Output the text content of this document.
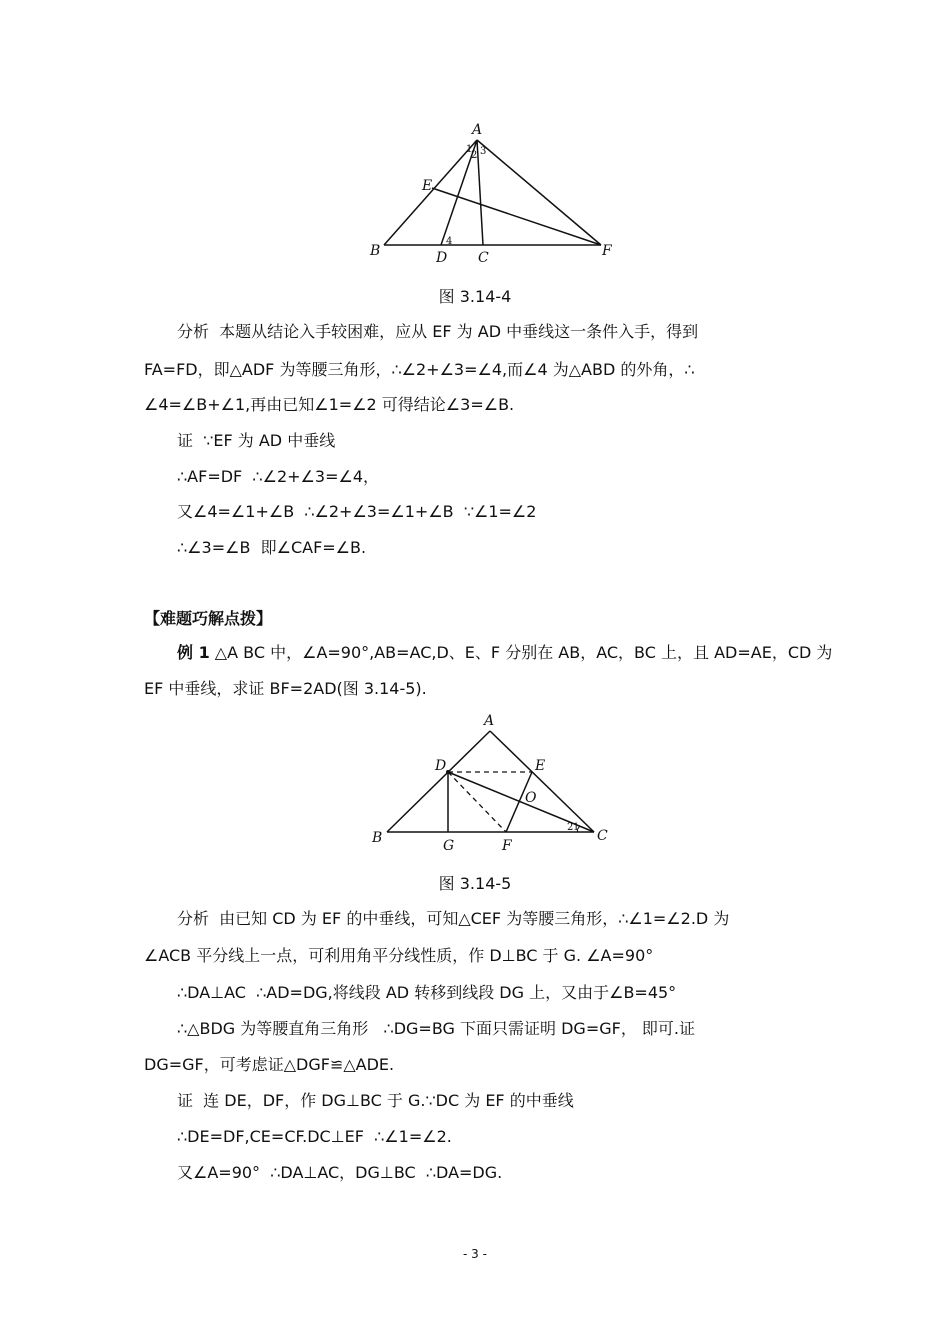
A
B	C
D
E
F
1
2 3
4
图 3.14-4
分析  本题从结论入手较困难，应从 EF 为 AD 中垂线这一条件入手，得到
FA=FD，即△ADF 为等腰三角形，∴∠2+∠3=∠4,而∠4 为△ABD 的外角，∴
∠4=∠B+∠1,再由已知∠1=∠2 可得结论∠3=∠B.
证  ∵EF 为 AD 中垂线
∴AF=DF  ∴∠2+∠3=∠4，
又∠4=∠1+∠B  ∴∠2+∠3=∠1+∠B  ∵∠1=∠2
∴∠3=∠B  即∠CAF=∠B.
【难题巧解点拨】
例 1 △A BC 中，∠A=90°,AB=AC,D、E、F 分别在 AB，AC，BC 上，且 AD=AE，CD 为
EF 中垂线，求证 BF=2AD(图 3.14-5).
A
B	C
D	E
F
G
O
2 1
图 3.14-5
分析  由已知 CD 为 EF 的中垂线，可知△CEF 为等腰三角形，∴∠1=∠2.D 为
∠ACB 平分线上一点，可利用角平分线性质，作 D⊥BC 于 G. ∠A=90°
∴DA⊥AC  ∴AD=DG,将线段 AD 转移到线段 DG 上，又由于∠B=45°
∴△BDG 为等腰直角三角形   ∴DG=BG 下面只需证明 DG=GF， 即可.证
DG=GF，可考虑证△DGF≌△ADE.
证  连 DE，DF，作 DG⊥BC 于 G.∵DC 为 EF 的中垂线
∴DE=DF,CE=CF.DC⊥EF  ∴∠1=∠2.
又∠A=90°  ∴DA⊥AC，DG⊥BC  ∴DA=DG.
- 3 -
